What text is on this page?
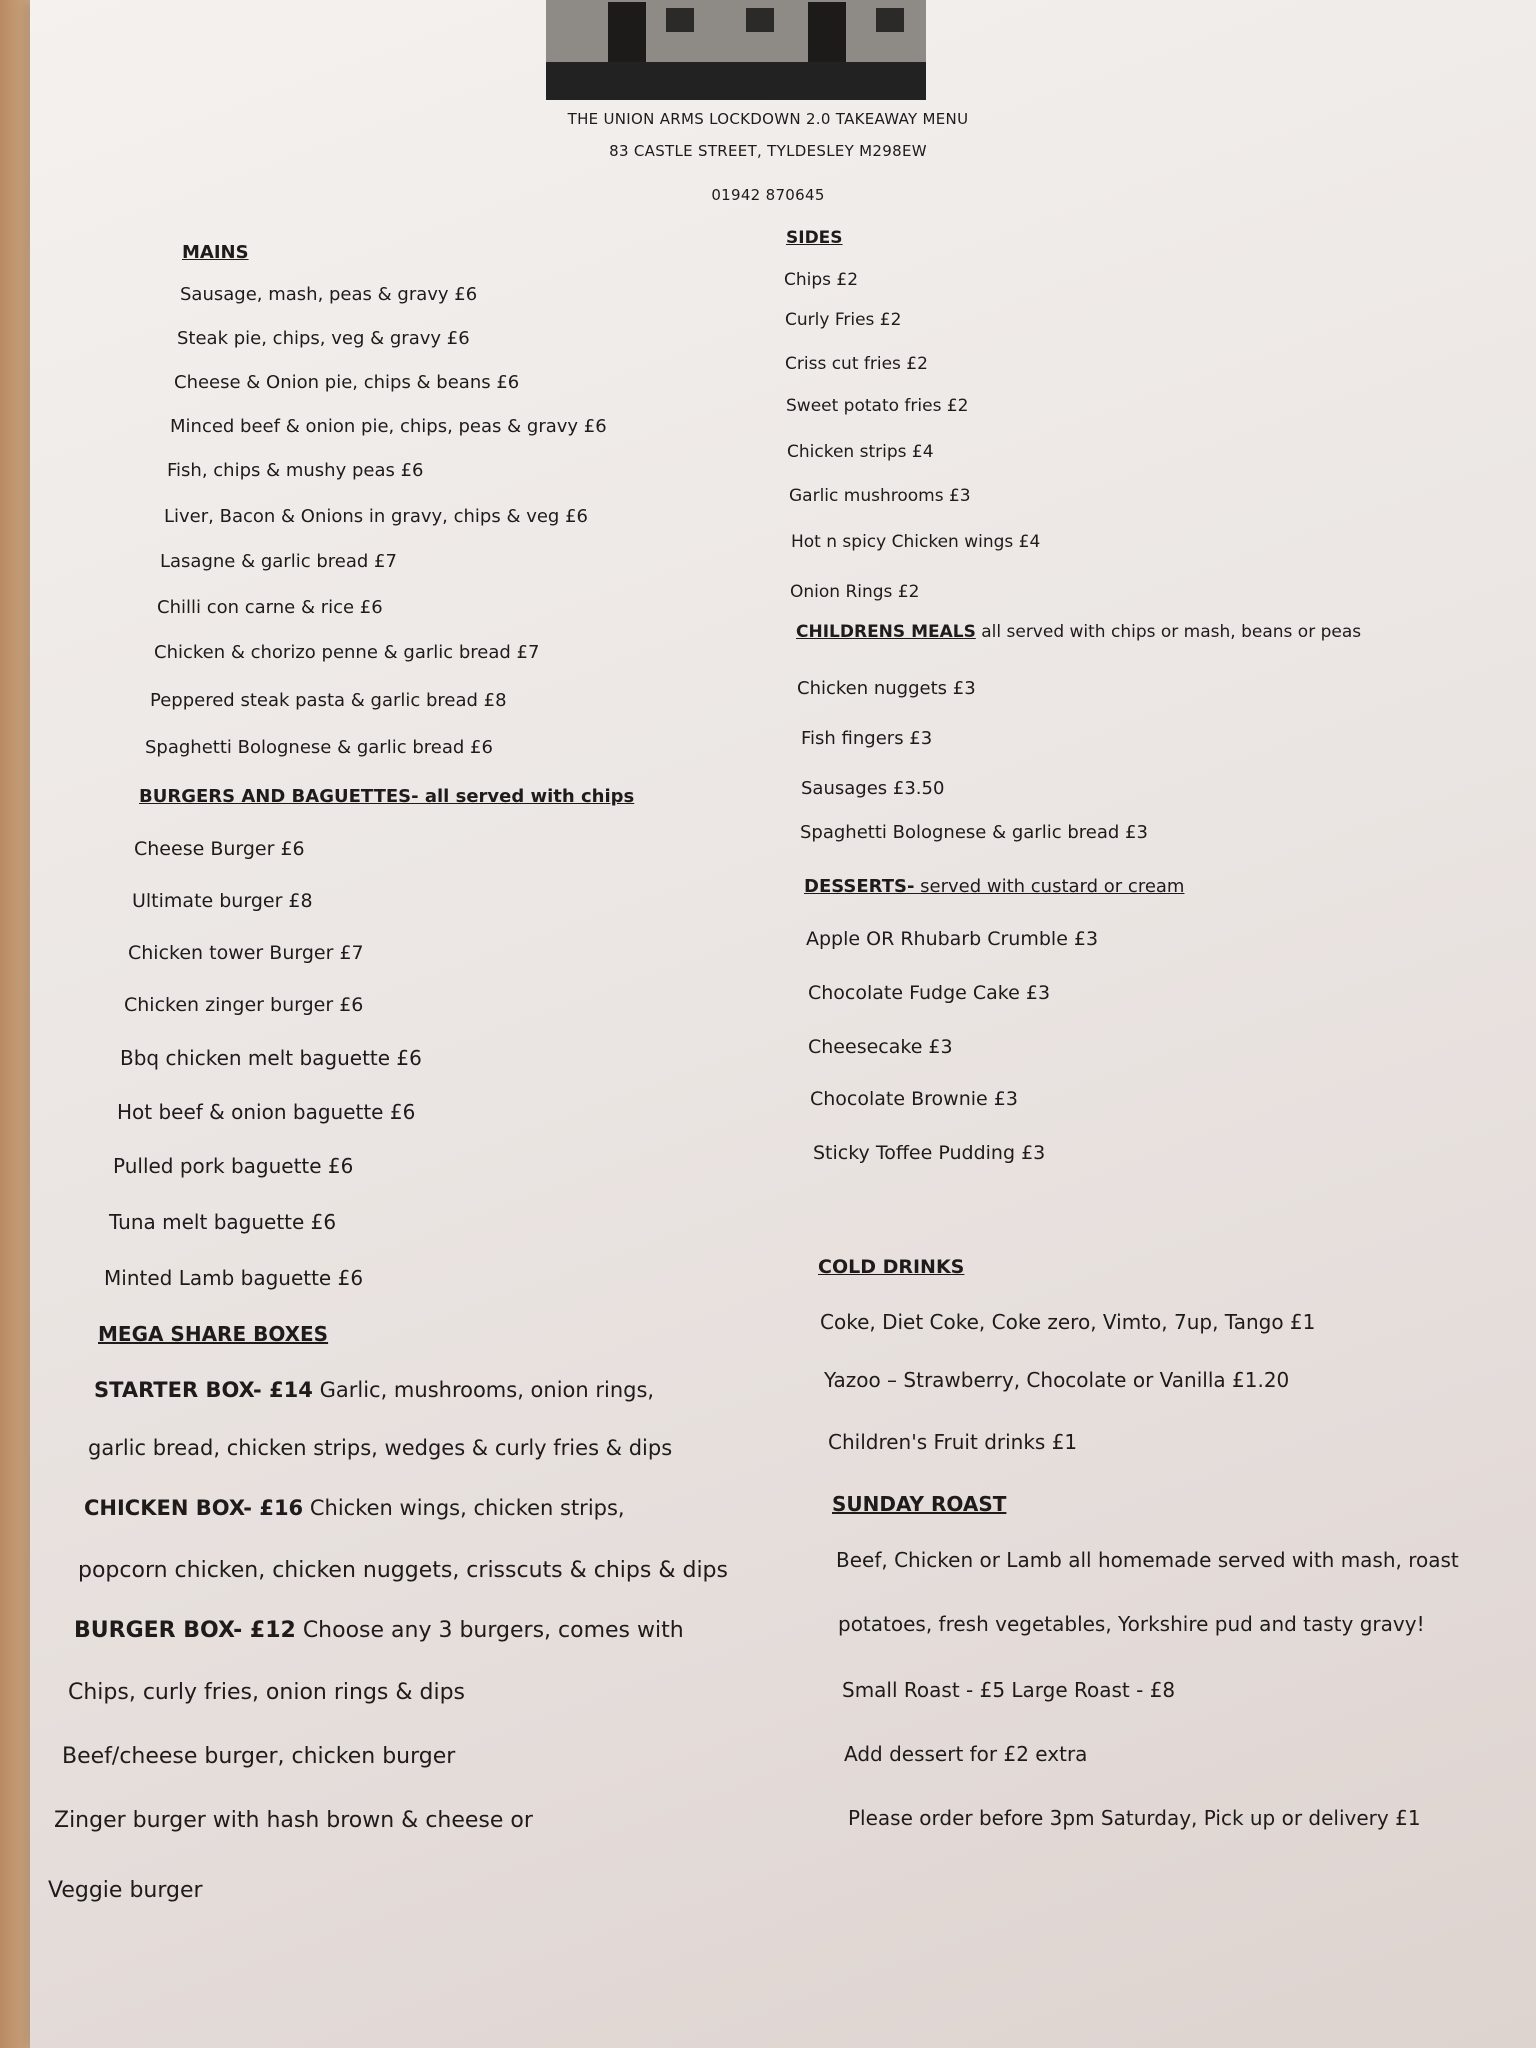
THE UNION ARMS LOCKDOWN 2.0 TAKEAWAY MENU
83 CASTLE STREET, TYLDESLEY M298EW
01942 870645
MAINS
Sausage, mash, peas & gravy £6
Steak pie, chips, veg & gravy £6
Cheese & Onion pie, chips & beans £6
Minced beef & onion pie, chips, peas & gravy £6
Fish, chips & mushy peas £6
Liver, Bacon & Onions in gravy, chips & veg £6
Lasagne & garlic bread £7
Chilli con carne & rice £6
Chicken & chorizo penne & garlic bread £7
Peppered steak pasta & garlic bread £8
Spaghetti Bolognese & garlic bread £6
BURGERS AND BAGUETTES- all served with chips
Cheese Burger £6
Ultimate burger £8
Chicken tower Burger £7
Chicken zinger burger £6
Bbq chicken melt baguette £6
Hot beef & onion baguette £6
Pulled pork baguette £6
Tuna melt baguette £6
Minted Lamb baguette £6
MEGA SHARE BOXES
STARTER BOX- £14 Garlic, mushrooms, onion rings,
garlic bread, chicken strips, wedges & curly fries & dips
CHICKEN BOX- £16 Chicken wings, chicken strips,
popcorn chicken, chicken nuggets, crisscuts & chips & dips
BURGER BOX- £12 Choose any 3 burgers, comes with
Chips, curly fries, onion rings & dips
Beef/cheese burger, chicken burger
Zinger burger with hash brown & cheese or
Veggie burger
SIDES
Chips £2
Curly Fries £2
Criss cut fries £2
Sweet potato fries £2
Chicken strips £4
Garlic mushrooms £3
Hot n spicy Chicken wings £4
Onion Rings £2
CHILDRENS MEALS all served with chips or mash, beans or peas
Chicken nuggets £3
Fish fingers £3
Sausages £3.50
Spaghetti Bolognese & garlic bread £3
DESSERTS- served with custard or cream
Apple OR Rhubarb Crumble £3
Chocolate Fudge Cake £3
Cheesecake £3
Chocolate Brownie £3
Sticky Toffee Pudding £3
COLD DRINKS
Coke, Diet Coke, Coke zero, Vimto, 7up, Tango £1
Yazoo – Strawberry, Chocolate or Vanilla £1.20
Children's Fruit drinks £1
SUNDAY ROAST
Beef, Chicken or Lamb all homemade served with mash, roast
potatoes, fresh vegetables, Yorkshire pud and tasty gravy!
Small Roast - £5 Large Roast - £8
Add dessert for £2 extra
Please order before 3pm Saturday, Pick up or delivery £1
